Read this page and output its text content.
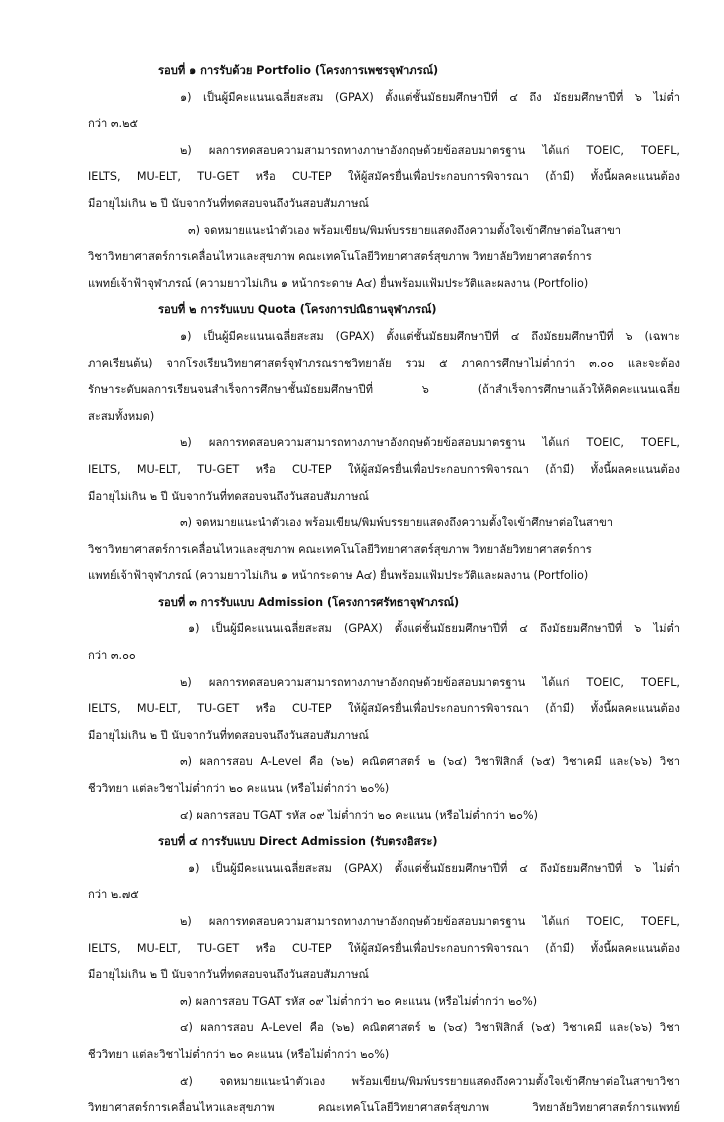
รอบที่ ๑ การรับด้วย Portfolio (โครงการเพชรจุฬาภรณ์)
๑) เป็นผู้มีคะแนนเฉลี่ยสะสม (GPAX) ตั้งแต่ชั้นมัธยมศึกษาปีที่ ๔ ถึง มัธยมศึกษาปีที่ ๖ ไม่ต่ำ
กว่า ๓.๒๕
๒) ผลการทดสอบความสามารถทางภาษาอังกฤษด้วยข้อสอบมาตรฐาน ได้แก่ TOEIC, TOEFL,
IELTS, MU-ELT, TU-GET หรือ CU-TEP ให้ผู้สมัครยื่นเพื่อประกอบการพิจารณา (ถ้ามี) ทั้งนี้ผลคะแนนต้อง
มีอายุไม่เกิน ๒ ปี นับจากวันที่ทดสอบจนถึงวันสอบสัมภาษณ์
๓) จดหมายแนะนำตัวเอง พร้อมเขียน/พิมพ์บรรยายแสดงถึงความตั้งใจเข้าศึกษาต่อในสาขา
วิชาวิทยาศาสตร์การเคลื่อนไหวและสุขภาพ คณะเทคโนโลยีวิทยาศาสตร์สุขภาพ วิทยาลัยวิทยาศาสตร์การ
แพทย์เจ้าฟ้าจุฬาภรณ์ (ความยาวไม่เกิน ๑ หน้ากระดาษ A๔) ยื่นพร้อมแฟ้มประวัติและผลงาน (Portfolio)
รอบที่ ๒ การรับแบบ Quota (โครงการปณิธานจุฬาภรณ์)
๑) เป็นผู้มีคะแนนเฉลี่ยสะสม (GPAX) ตั้งแต่ชั้นมัธยมศึกษาปีที่ ๔ ถึงมัธยมศึกษาปีที่ ๖ (เฉพาะ
ภาคเรียนต้น) จากโรงเรียนวิทยาศาสตร์จุฬาภรณราชวิทยาลัย รวม ๕ ภาคการศึกษาไม่ต่ำกว่า ๓.๐๐ และจะต้อง
รักษาระดับผลการเรียนจนสำเร็จการศึกษาชั้นมัธยมศึกษาปีที่ ๖ (ถ้าสำเร็จการศึกษาแล้วให้คิดคะแนนเฉลี่ย
สะสมทั้งหมด)
๒) ผลการทดสอบความสามารถทางภาษาอังกฤษด้วยข้อสอบมาตรฐาน ได้แก่ TOEIC, TOEFL,
IELTS, MU-ELT, TU-GET หรือ CU-TEP ให้ผู้สมัครยื่นเพื่อประกอบการพิจารณา (ถ้ามี) ทั้งนี้ผลคะแนนต้อง
มีอายุไม่เกิน ๒ ปี นับจากวันที่ทดสอบจนถึงวันสอบสัมภาษณ์
๓) จดหมายแนะนำตัวเอง พร้อมเขียน/พิมพ์บรรยายแสดงถึงความตั้งใจเข้าศึกษาต่อในสาขา
วิชาวิทยาศาสตร์การเคลื่อนไหวและสุขภาพ คณะเทคโนโลยีวิทยาศาสตร์สุขภาพ วิทยาลัยวิทยาศาสตร์การ
แพทย์เจ้าฟ้าจุฬาภรณ์ (ความยาวไม่เกิน ๑ หน้ากระดาษ A๔) ยื่นพร้อมแฟ้มประวัติและผลงาน (Portfolio)
รอบที่ ๓ การรับแบบ Admission (โครงการศรัทธาจุฬาภรณ์)
๑) เป็นผู้มีคะแนนเฉลี่ยสะสม (GPAX) ตั้งแต่ชั้นมัธยมศึกษาปีที่ ๔ ถึงมัธยมศึกษาปีที่ ๖ ไม่ต่ำ
กว่า ๓.๐๐
๒) ผลการทดสอบความสามารถทางภาษาอังกฤษด้วยข้อสอบมาตรฐาน ได้แก่ TOEIC, TOEFL,
IELTS, MU-ELT, TU-GET หรือ CU-TEP ให้ผู้สมัครยื่นเพื่อประกอบการพิจารณา (ถ้ามี) ทั้งนี้ผลคะแนนต้อง
มีอายุไม่เกิน ๒ ปี นับจากวันที่ทดสอบจนถึงวันสอบสัมภาษณ์
๓) ผลการสอบ A-Level คือ (๖๒) คณิตศาสตร์ ๒ (๖๔) วิชาฟิสิกส์ (๖๕) วิชาเคมี และ(๖๖) วิชา
ชีววิทยา แต่ละวิชาไม่ต่ำกว่า ๒๐ คะแนน (หรือไม่ต่ำกว่า ๒๐%)
๔) ผลการสอบ TGAT รหัส ๐๙ ไม่ต่ำกว่า ๒๐ คะแนน (หรือไม่ต่ำกว่า ๒๐%)
รอบที่ ๔ การรับแบบ Direct Admission (รับตรงอิสระ)
๑) เป็นผู้มีคะแนนเฉลี่ยสะสม (GPAX) ตั้งแต่ชั้นมัธยมศึกษาปีที่ ๔ ถึงมัธยมศึกษาปีที่ ๖ ไม่ต่ำ
กว่า ๒.๗๕
๒) ผลการทดสอบความสามารถทางภาษาอังกฤษด้วยข้อสอบมาตรฐาน ได้แก่ TOEIC, TOEFL,
IELTS, MU-ELT, TU-GET หรือ CU-TEP ให้ผู้สมัครยื่นเพื่อประกอบการพิจารณา (ถ้ามี) ทั้งนี้ผลคะแนนต้อง
มีอายุไม่เกิน ๒ ปี นับจากวันที่ทดสอบจนถึงวันสอบสัมภาษณ์
๓) ผลการสอบ TGAT รหัส ๐๙ ไม่ต่ำกว่า ๒๐ คะแนน (หรือไม่ต่ำกว่า ๒๐%)
๔) ผลการสอบ A-Level คือ (๖๒) คณิตศาสตร์ ๒ (๖๔) วิชาฟิสิกส์ (๖๕) วิชาเคมี และ(๖๖) วิชา
ชีววิทยา แต่ละวิชาไม่ต่ำกว่า ๒๐ คะแนน (หรือไม่ต่ำกว่า ๒๐%)
๕) จดหมายแนะนำตัวเอง พร้อมเขียน/พิมพ์บรรยายแสดงถึงความตั้งใจเข้าศึกษาต่อในสาขาวิชา
วิทยาศาสตร์การเคลื่อนไหวและสุขภาพ คณะเทคโนโลยีวิทยาศาสตร์สุขภาพ วิทยาลัยวิทยาศาสตร์การแพทย์
